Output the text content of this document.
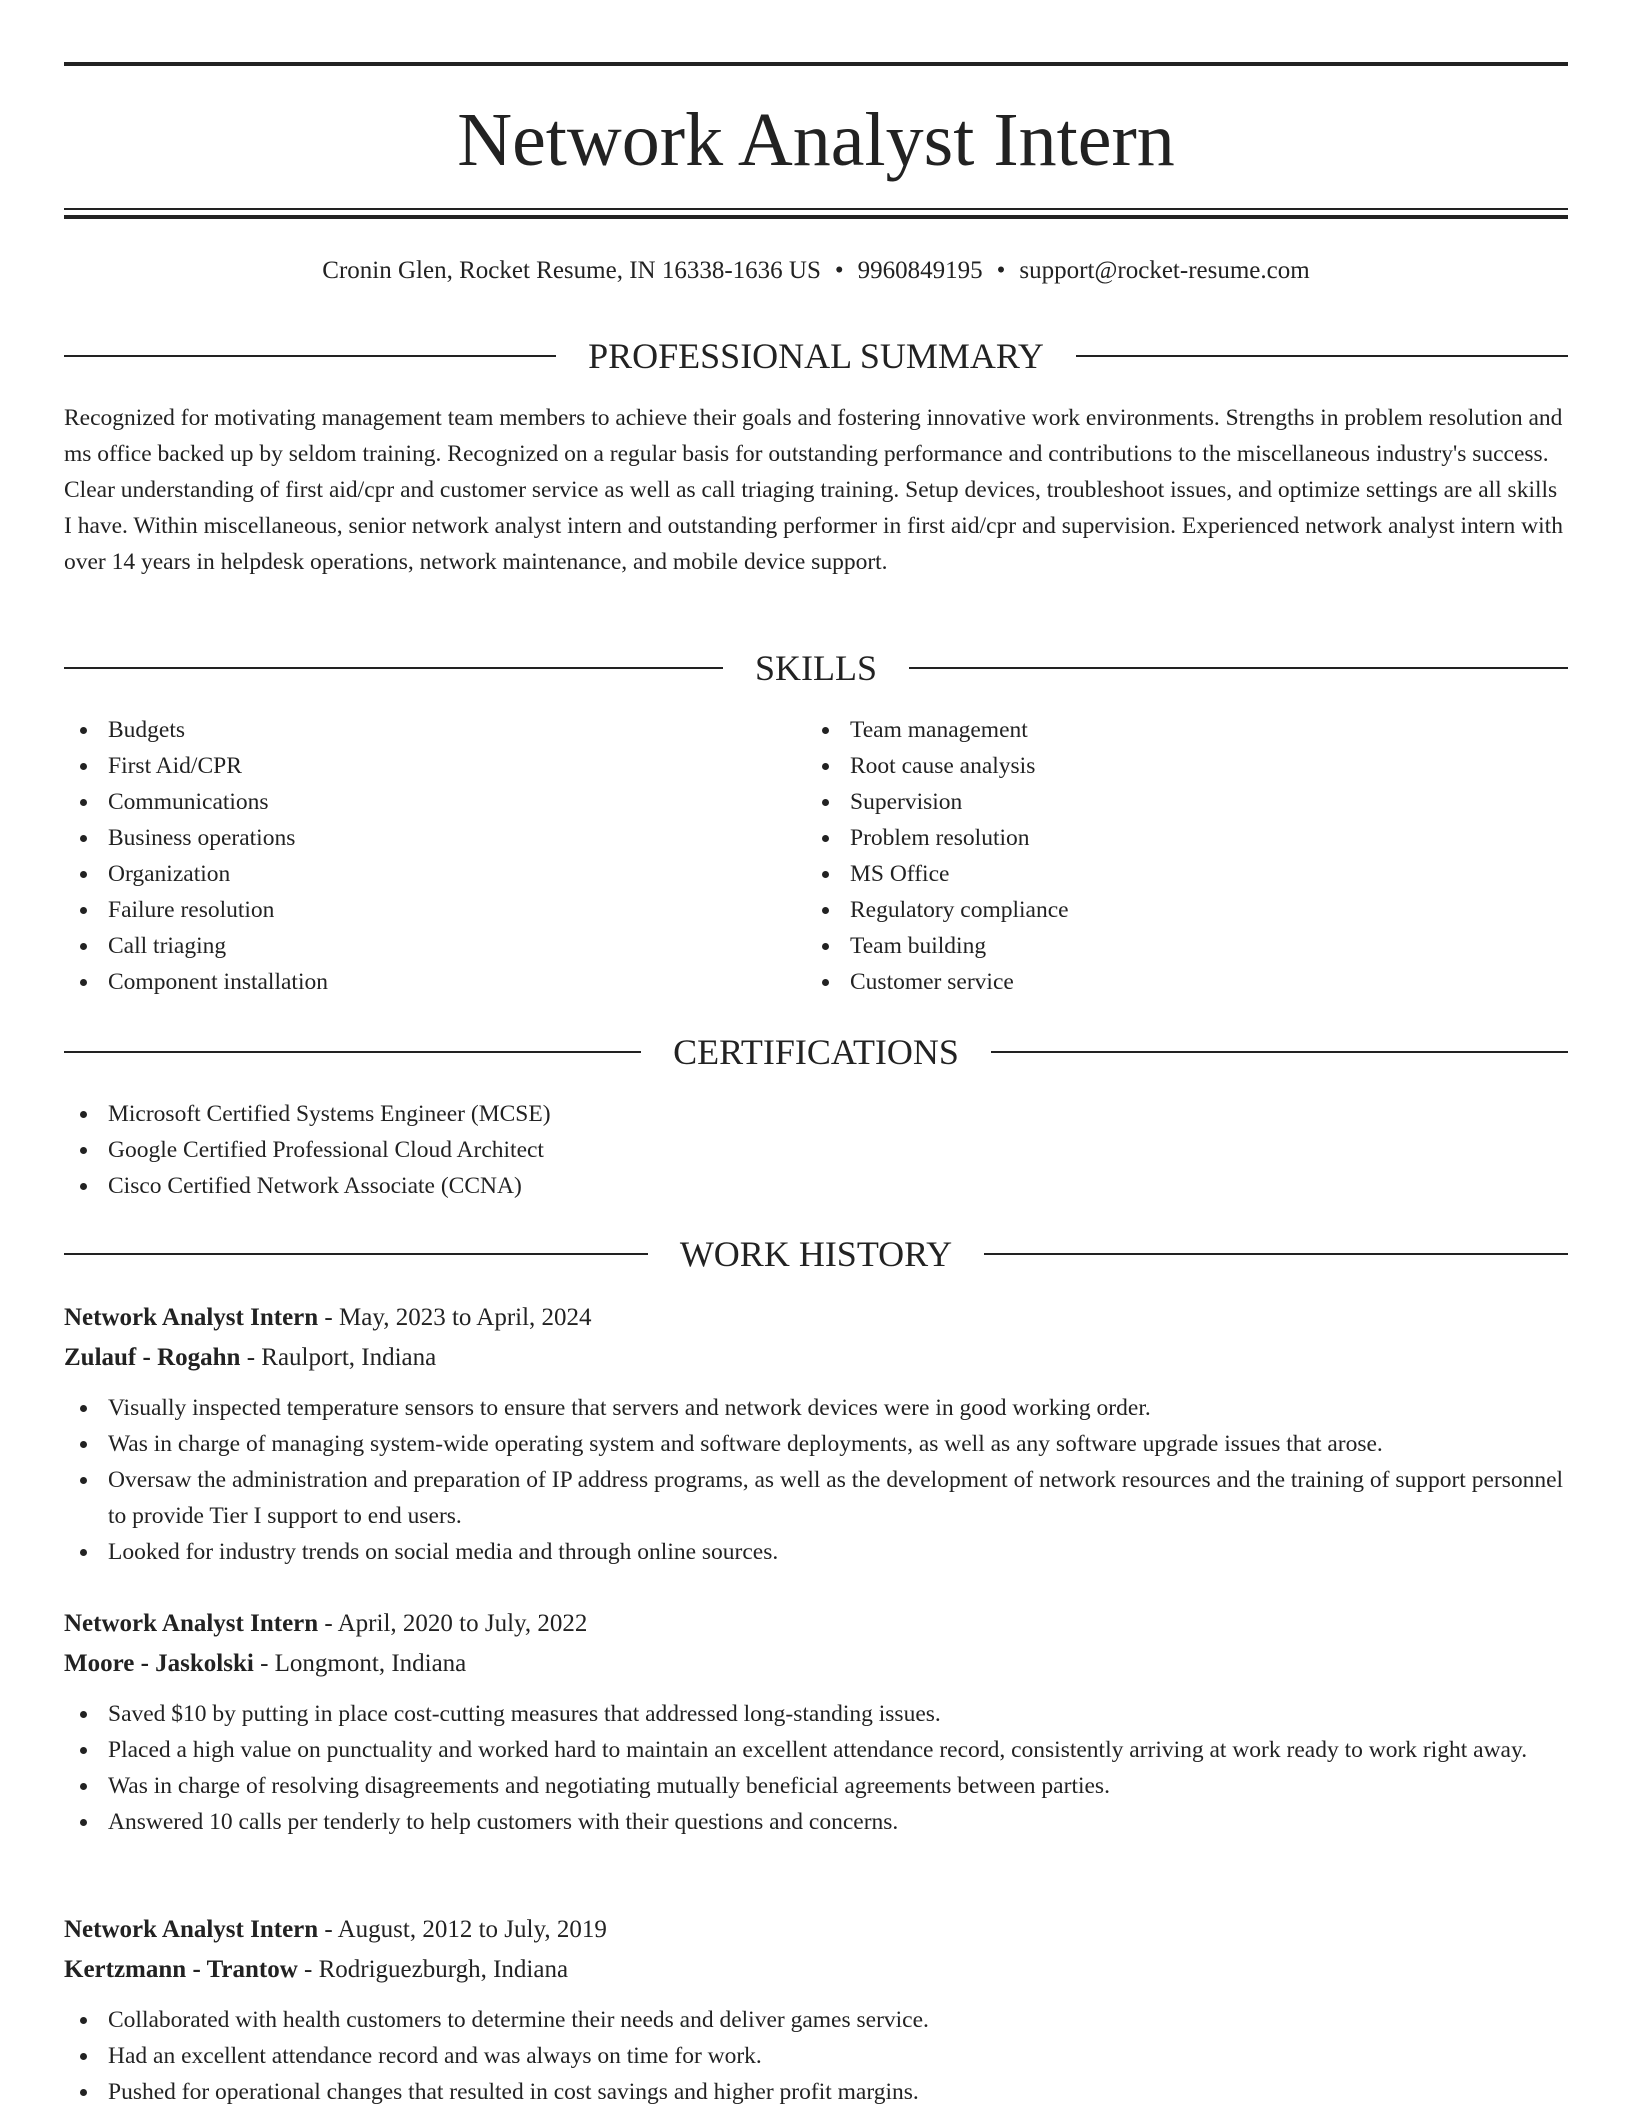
Network Analyst Intern
Cronin Glen, Rocket Resume, IN 16338-1636 US • 9960849195 • support@rocket-resume.com
PROFESSIONAL SUMMARY

Recognized for motivating management team members to achieve their goals and fostering innovative work environments. Strengths in problem resolution and ms office backed up by seldom training. Recognized on a regular basis for outstanding performance and contributions to the miscellaneous industry's success. Clear understanding of first aid/cpr and customer service as well as call triaging training. Setup devices, troubleshoot issues, and optimize settings are all skills I have. Within miscellaneous, senior network analyst intern and outstanding performer in first aid/cpr and supervision. Experienced network analyst intern with over 14 years in helpdesk operations, network maintenance, and mobile device support.

SKILLS
Budgets
First Aid/CPR
Communications
Business operations
Organization
Failure resolution
Call triaging
Component installation
Team management
Root cause analysis
Supervision
Problem resolution
MS Office
Regulatory compliance
Team building
Customer service
CERTIFICATIONS
Microsoft Certified Systems Engineer (MCSE)
Google Certified Professional Cloud Architect
Cisco Certified Network Associate (CCNA)
WORK HISTORY
Network Analyst Intern - May, 2023 to April, 2024
Zulauf - Rogahn - Raulport, Indiana
Visually inspected temperature sensors to ensure that servers and network devices were in good working order.
Was in charge of managing system-wide operating system and software deployments, as well as any software upgrade issues that arose.
Oversaw the administration and preparation of IP address programs, as well as the development of network resources and the training of support personnel to provide Tier I support to end users.
Looked for industry trends on social media and through online sources.
Network Analyst Intern - April, 2020 to July, 2022
Moore - Jaskolski - Longmont, Indiana
Saved $10 by putting in place cost-cutting measures that addressed long-standing issues.
Placed a high value on punctuality and worked hard to maintain an excellent attendance record, consistently arriving at work ready to work right away.
Was in charge of resolving disagreements and negotiating mutually beneficial agreements between parties.
Answered 10 calls per tenderly to help customers with their questions and concerns.
Network Analyst Intern - August, 2012 to July, 2019
Kertzmann - Trantow - Rodriguezburgh, Indiana
Collaborated with health customers to determine their needs and deliver games service.
Had an excellent attendance record and was always on time for work.
Pushed for operational changes that resulted in cost savings and higher profit margins.
